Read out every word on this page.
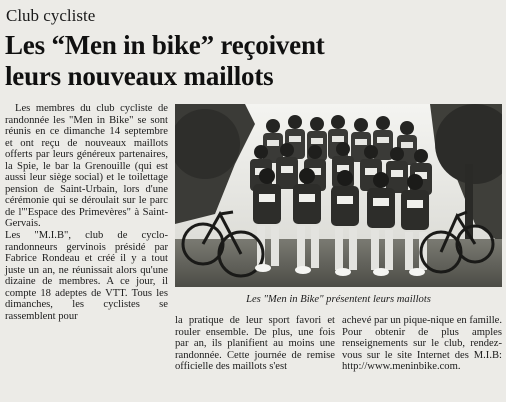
Club cycliste
Les “Men in bike” reçoivent
leurs nouveaux maillots

Les membres du club cycliste de randonnée les "Men in Bike" se sont réunis en ce dimanche 14 septembre et ont reçu de nouveaux maillots offerts par leurs généreux partenaires, la Spie, le bar la Grenouille (qui est aussi leur siège social) et le toilettage pension de Saint-Urbain, lors d'une cérémonie qui se déroulait sur le parc de l'"Espace des Primevères" à Saint-Gervais.

Les "M.I.B", club de cyclo-randonneurs gervinois présidé par Fabrice Rondeau et créé il y a tout juste un an, ne réunissait alors qu'une dizaine de membres. A ce jour, il compte 18 adeptes de VTT. Tous les dimanches, les cyclistes se rassemblent pour

Les "Men in Bike" présentent leurs maillots

la pratique de leur sport favori et rouler ensemble. De plus, une fois par an, ils planifient au moins une randonnée. Cette journée de remise officielle des maillots s'est

achevé par un pique-nique en famille. Pour obtenir de plus amples renseignements sur le club, rendez-vous sur le site Internet des M.I.B: http://www.meninbike.com.
